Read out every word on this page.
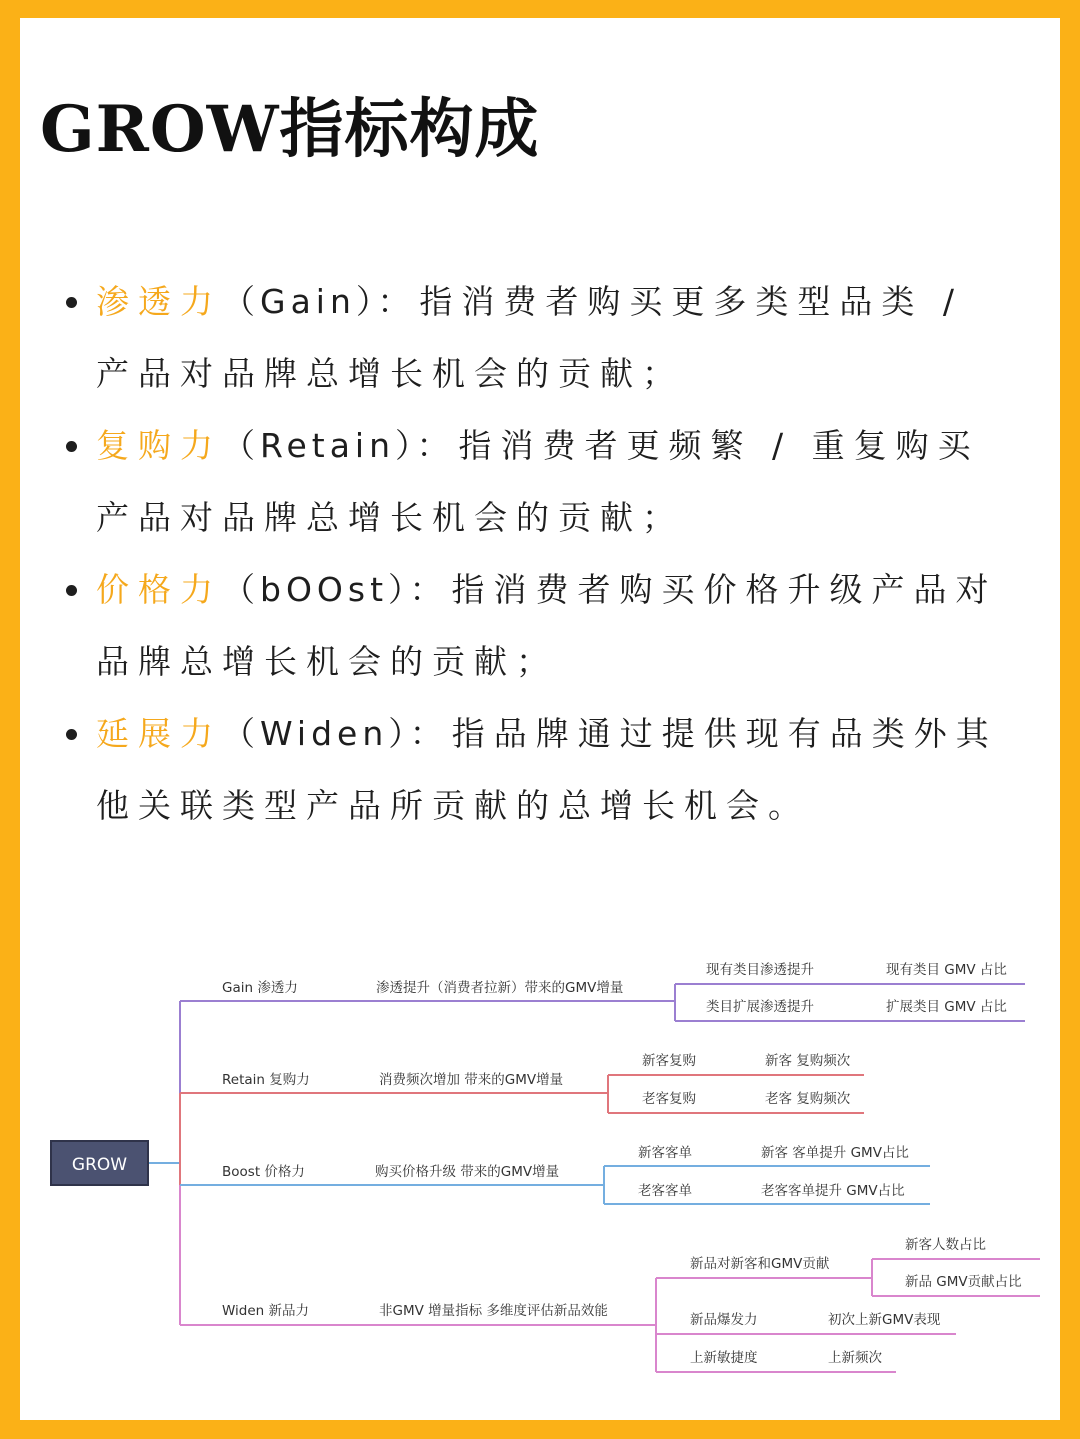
GROW指标构成
渗透力（Gain）：指消费者购买更多类型品类 / 产品对品牌总增长机会的贡献；
复购力（Retain）：指消费者更频繁 / 重复购买产品对品牌总增长机会的贡献；
价格力（bOOst）：指消费者购买价格升级产品对品牌总增长机会的贡献；
延展力（Widen）：指品牌通过提供现有品类外其他关联类型产品所贡献的总增长机会。
GROW
Gain 渗透力	渗透提升（消费者拉新）带来的GMV增量
现有类目渗透提升	现有类目 GMV 占比
类目扩展渗透提升	扩展类目 GMV 占比
Retain 复购力	消费频次增加 带来的GMV增量
新客复购	新客 复购频次
老客复购	老客 复购频次
Boost 价格力	购买价格升级 带来的GMV增量
新客客单	新客 客单提升 GMV占比
老客客单	老客客单提升 GMV占比
Widen 新品力	非GMV 增量指标 多维度评估新品效能
新品对新客和GMV贡献
新客人数占比
新品 GMV贡献占比
新品爆发力	初次上新GMV表现
上新敏捷度	上新频次
